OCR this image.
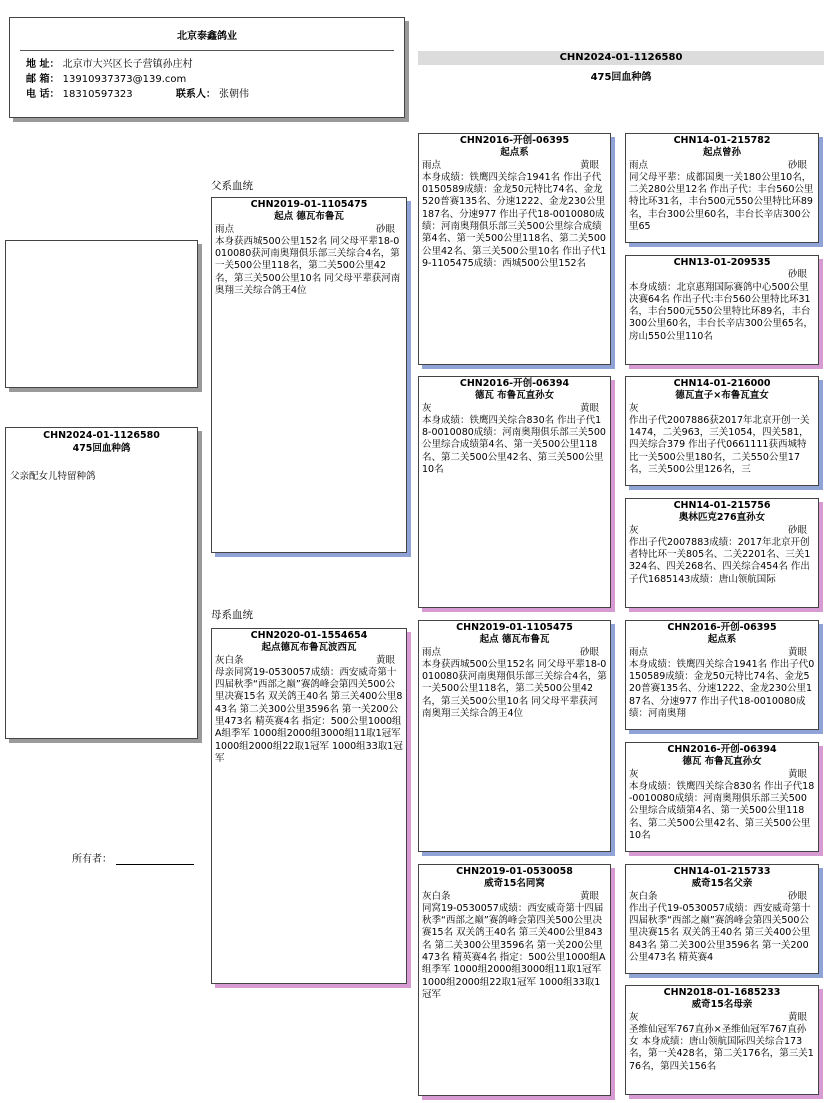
北京泰鑫鸽业
地 址： 北京市大兴区长子营镇孙庄村
邮 箱： 13910937373@139.com
电 话： 18310597323	联系人： 张朝伟
CHN2024-01-1126580
475回血种鸽
CHN2024-01-1126580
475回血种鸽
父亲配女儿特留种鸽
所有者：
父系血统
母系血统
CHN2019-01-1105475
起点 德瓦布鲁瓦
雨点	砂眼
本身获西城500公里152名 同父母平辈18-0010080获河南奥翔俱乐部三关综合4名，第一关500公里118名，第二关500公里42名，第三关500公里10名 同父母平辈获河南奥翔三关综合鸽王4位
CHN2020-01-1554654
起点德瓦布鲁瓦波西瓦
灰白条	黄眼
母亲同窝19-0530057成绩：西安威奇第十四届秋季“西部之巅”赛鸽峰会第四关500公里决赛15名 双关鸽王40名 第三关400公里843名 第二关300公里3596名 第一关200公里473名 精英赛4名 指定：500公里1000组A组季军 1000组2000组3000组11取1冠军 1000组2000组22取1冠军 1000组33取1冠军
CHN2016-开创-06395
起点系
雨点	黄眼
本身成绩：铁鹰四关综合1941名 作出子代0150589成绩：金龙50元特比74名、金龙520普赛135名、分速1222、金龙230公里187名、分速977 作出子代18-0010080成绩：河南奥翔俱乐部三关500公里综合成绩第4名、第一关500公里118名、第二关500公里42名、第三关500公里10名 作出子代19-1105475成绩：西城500公里152名
CHN2016-开创-06394
德瓦 布鲁瓦直孙女
灰	黄眼
本身成绩：铁鹰四关综合830名 作出子代18-0010080成绩：河南奥翔俱乐部三关500公里综合成绩第4名、第一关500公里118名、第二关500公里42名、第三关500公里10名
CHN2019-01-1105475
起点 德瓦布鲁瓦
雨点	砂眼
本身获西城500公里152名 同父母平辈18-0010080获河南奥翔俱乐部三关综合4名，第一关500公里118名，第二关500公里42名，第三关500公里10名 同父母平辈获河南奥翔三关综合鸽王4位
CHN2019-01-0530058
威奇15名同窝
灰白条	黄眼
同窝19-0530057成绩：西安威奇第十四届秋季“西部之巅”赛鸽峰会第四关500公里决赛15名 双关鸽王40名 第三关400公里843名 第二关300公里3596名 第一关200公里473名 精英赛4名 指定：500公里1000组A组季军 1000组2000组3000组11取1冠军 1000组2000组22取1冠军 1000组33取1冠军
CHN14-01-215782
起点曾孙
雨点	砂眼
同父母平辈：成都国奥一关180公里10名，二关280公里12名 作出子代：丰台560公里特比环31名，丰台500元550公里特比环89名，丰台300公里60名，丰台长辛店300公里65
CHN13-01-209535
砂眼
本身成绩：北京惠翔国际赛鸽中心500公里决赛64名 作出子代:丰台560公里特比环31名，丰台500元550公里特比环89名，丰台300公里60名，丰台长辛店300公里65名，房山550公里110名
CHN14-01-216000
德瓦直子×布鲁瓦直女
灰
作出子代2007886获2017年北京开创一关1474，二关963，三关1054，四关581，四关综合379 作出子代0661111获西城特比一关500公里180名，二关550公里17名，三关500公里126名，三
CHN14-01-215756
奥林匹克276直孙女
灰	砂眼
作出子代2007883成绩：2017年北京开创者特比环一关805名、二关2201名、三关1324名、四关268名、四关综合454名 作出子代1685143成绩：唐山领航国际
CHN2016-开创-06395
起点系
雨点	黄眼
本身成绩：铁鹰四关综合1941名 作出子代0150589成绩：金龙50元特比74名、金龙520普赛135名、分速1222、金龙230公里187名、分速977 作出子代18-0010080成绩：河南奥翔
CHN2016-开创-06394
德瓦 布鲁瓦直孙女
灰	黄眼
本身成绩：铁鹰四关综合830名 作出子代18-0010080成绩：河南奥翔俱乐部三关500公里综合成绩第4名、第一关500公里118名、第二关500公里42名、第三关500公里10名
CHN14-01-215733
威奇15名父亲
灰白条	砂眼
作出子代19-0530057成绩：西安威奇第十四届秋季“西部之巅”赛鸽峰会第四关500公里决赛15名 双关鸽王40名 第三关400公里843名 第二关300公里3596名 第一关200公里473名 精英赛4
CHN2018-01-1685233
威奇15名母亲
灰	黄眼
圣维仙冠军767直孙×圣维仙冠军767直孙女 本身成绩：唐山领航国际四关综合173名，第一关428名，第二关176名，第三关176名，第四关156名
